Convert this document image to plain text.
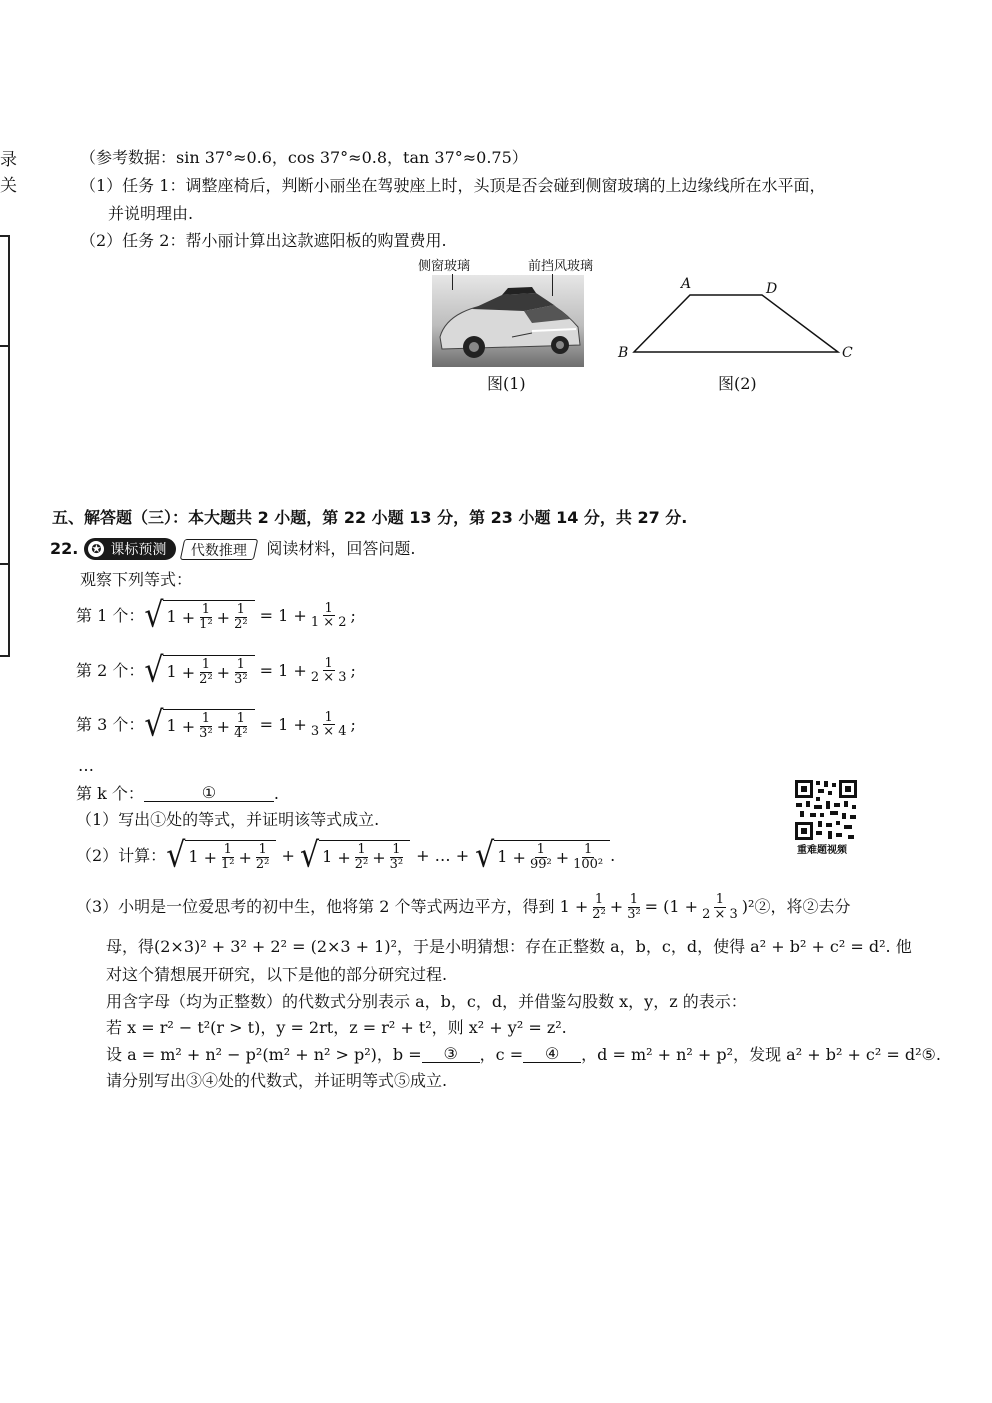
录
关
（参考数据：sin 37°≈0.6，cos 37°≈0.8，tan 37°≈0.75）
（1）任务 1：调整座椅后，判断小丽坐在驾驶座上时，头顶是否会碰到侧窗玻璃的上边缘线所在水平面，
并说明理由.
（2）任务 2：帮小丽计算出这款遮阳板的购置费用.
侧窗玻璃	前挡风玻璃
图(1)
A	D
B	C
图(2)
五、解答题（三）：本大题共 2 小题，第 22 小题 13 分，第 23 小题 14 分，共 27 分.
22. ✪ 课标预测 代数推理 阅读材料，回答问题.
观察下列等式：
第 1 个： √ $1 + \frac{1}{\text{1²}} + \frac{1}{\text{2²}} = 1 + \frac{1}{1 \times 2}$ ;
第 2 个： √ $1 + \frac{1}{\text{2²}} + \frac{1}{\text{3²}} = 1 + \frac{1}{2 \times 3}$ ;
第 3 个： √ $1 + \frac{1}{\text{3²}} + \frac{1}{\text{4²}} = 1 + \frac{1}{3 \times 4}$ ;
…
第 k 个：	①	.
重难题视频
（1）写出①处的等式，并证明该等式成立.
（2）计算： √ $1 + \frac{1}{\text{1²}} + \frac{1}{\text{2²}}$ + √ $1 + \frac{1}{\text{2²}} + \frac{1}{\text{3²}}$ + … + √ $1 + \frac{1}{\text{99²}} + \frac{1}{\text{100²}}$ .
（3）小明是一位爱思考的初中生，他将第 2 个等式两边平方，得到 $1 + \frac{1}{\text{2²}} + \frac{1}{\text{3²}} = (1 + \frac{1}{2 \times 3}$ )²②，将②去分
母，得(2×3)² + 3² + 2² = (2×3 + 1)²，于是小明猜想：存在正整数 a，b，c，d，使得 a² + b² + c² = d². 他
对这个猜想展开研究，以下是他的部分研究过程.
用含字母（均为正整数）的代数式分别表示 a，b，c，d，并借鉴勾股数 x，y，z 的表示：
若 x = r² − t²(r > t)，y = 2rt，z = r² + t²，则 x² + y² = z².
设 a = m² + n² − p²(m² + n² > p²)，b =	③	，c =	④	，d = m² + n² + p²，发现 a² + b² + c² = d²⑤.
请分别写出③④处的代数式，并证明等式⑤成立.
